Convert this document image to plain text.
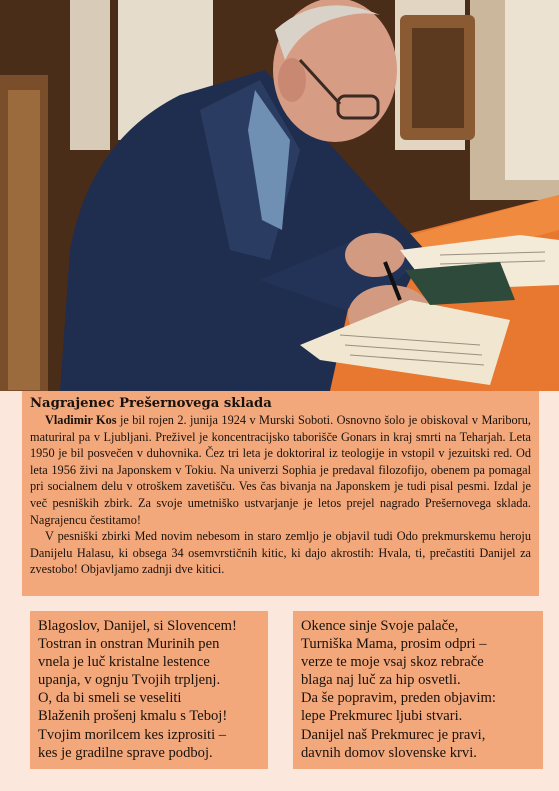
Nagrajenec Prešernovega sklada

Vladimir Kos je bil rojen 2. junija 1924 v Murski Soboti. Osnovno šolo je obiskoval v Mariboru, maturiral pa v Ljubljani. Preživel je koncentracijsko taborišče Gonars in kraj smrti na Teharjah. Leta 1950 je bil posvečen v duhovnika. Čez tri leta je doktoriral iz teologije in vstopil v jezuitski red. Od leta 1956 živi na Japonskem v Tokiu. Na univerzi Sophia je predaval filozofijo, obenem pa pomagal pri socialnem delu v otroškem zavetišču. Ves čas bivanja na Japonskem je tudi pisal pesmi. Izdal je več pesniških zbirk. Za svoje umetniško ustvarjanje je letos prejel nagrado Prešernovega sklada. Nagrajencu čestitamo!

V pesniški zbirki Med novim nebesom in staro zemljo je objavil tudi Odo prekmurskemu heroju Danijelu Halasu, ki obsega 34 osemvrstičnih kitic, ki dajo akrostih: Hvala, ti, prečastiti Danijel za zvestobo! Objavljamo zadnji dve kitici.

Blagoslov, Danijel, si Slovencem!
Tostran in onstran Murinih pen
vnela je luč kristalne lestence
upanja, v ognju Tvojih trpljenj.
O, da bi smeli se veseliti
Blaženih prošenj kmalu s Teboj!
Tvojim morilcem kes izprositi –
kes je gradilne sprave podboj.
Okence sinje Svoje palače,
Turniška Mama, prosim odpri –
verze te moje vsaj skoz rebrače
blaga naj luč za hip osvetli.
Da še popravim, preden objavim:
lepe Prekmurec ljubi stvari.
Danijel naš Prekmurec je pravi,
davnih domov slovenske krvi.
